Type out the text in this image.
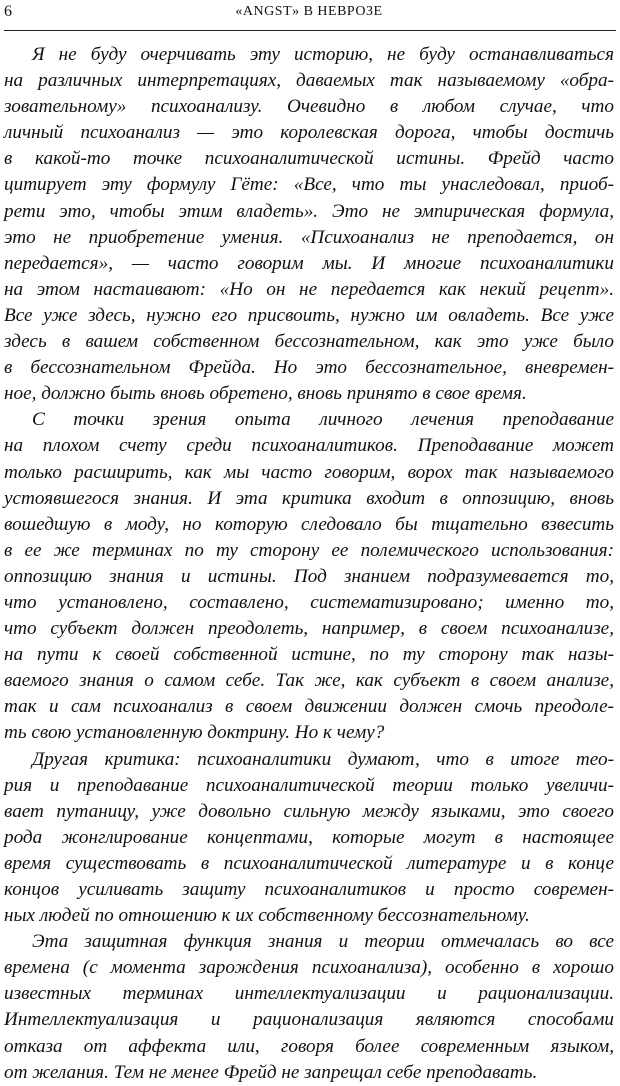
6	«ANGST» В НЕВРОЗЕ
Я не буду очерчивать эту историю, не буду останавливаться
на различных интерпретациях, даваемых так называемому «обра-
зовательному» психоанализу. Очевидно в любом случае, что
личный психоанализ — это королевская дорога, чтобы достичь
в какой-то точке психоаналитической истины. Фрейд часто
цитирует эту формулу Гёте: «Все, что ты унаследовал, приоб-
рети это, чтобы этим владеть». Это не эмпирическая формула,
это не приобретение умения. «Психоанализ не преподается, он
передается», — часто говорим мы. И многие психоаналитики
на этом настаивают: «Но он не передается как некий рецепт».
Все уже здесь, нужно его присвоить, нужно им овладеть. Все уже
здесь в вашем собственном бессознательном, как это уже было
в бессознательном Фрейда. Но это бессознательное, вневремен-
ное, должно быть вновь обретено, вновь принято в свое время.
С точки зрения опыта личного лечения преподавание
на плохом счету среди психоаналитиков. Преподавание может
только расширить, как мы часто говорим, ворох так называемого
устоявшегося знания. И эта критика входит в оппозицию, вновь
вошедшую в моду, но которую следовало бы тщательно взвесить
в ее же терминах по ту сторону ее полемического использования:
оппозицию знания и истины. Под знанием подразумевается то,
что установлено, составлено, систематизировано; именно то,
что субъект должен преодолеть, например, в своем психоанализе,
на пути к своей собственной истине, по ту сторону так назы-
ваемого знания о самом себе. Так же, как субъект в своем анализе,
так и сам психоанализ в своем движении должен смочь преодоле-
ть свою установленную доктрину. Но к чему?
Другая критика: психоаналитики думают, что в итоге тео-
рия и преподавание психоаналитической теории только увеличи-
вает путаницу, уже довольно сильную между языками, это своего
рода жонглирование концептами, которые могут в настоящее
время существовать в психоаналитической литературе и в конце
концов усиливать защиту психоаналитиков и просто современ-
ных людей по отношению к их собственному бессознательному.
Эта защитная функция знания и теории отмечалась во все
времена (с момента зарождения психоанализа), особенно в хорошо
известных терминах интеллектуализации и рационализации.
Интеллектуализация и рационализация являются способами
отказа от аффекта или, говоря более современным языком,
от желания. Тем не менее Фрейд не запрещал себе преподавать.
